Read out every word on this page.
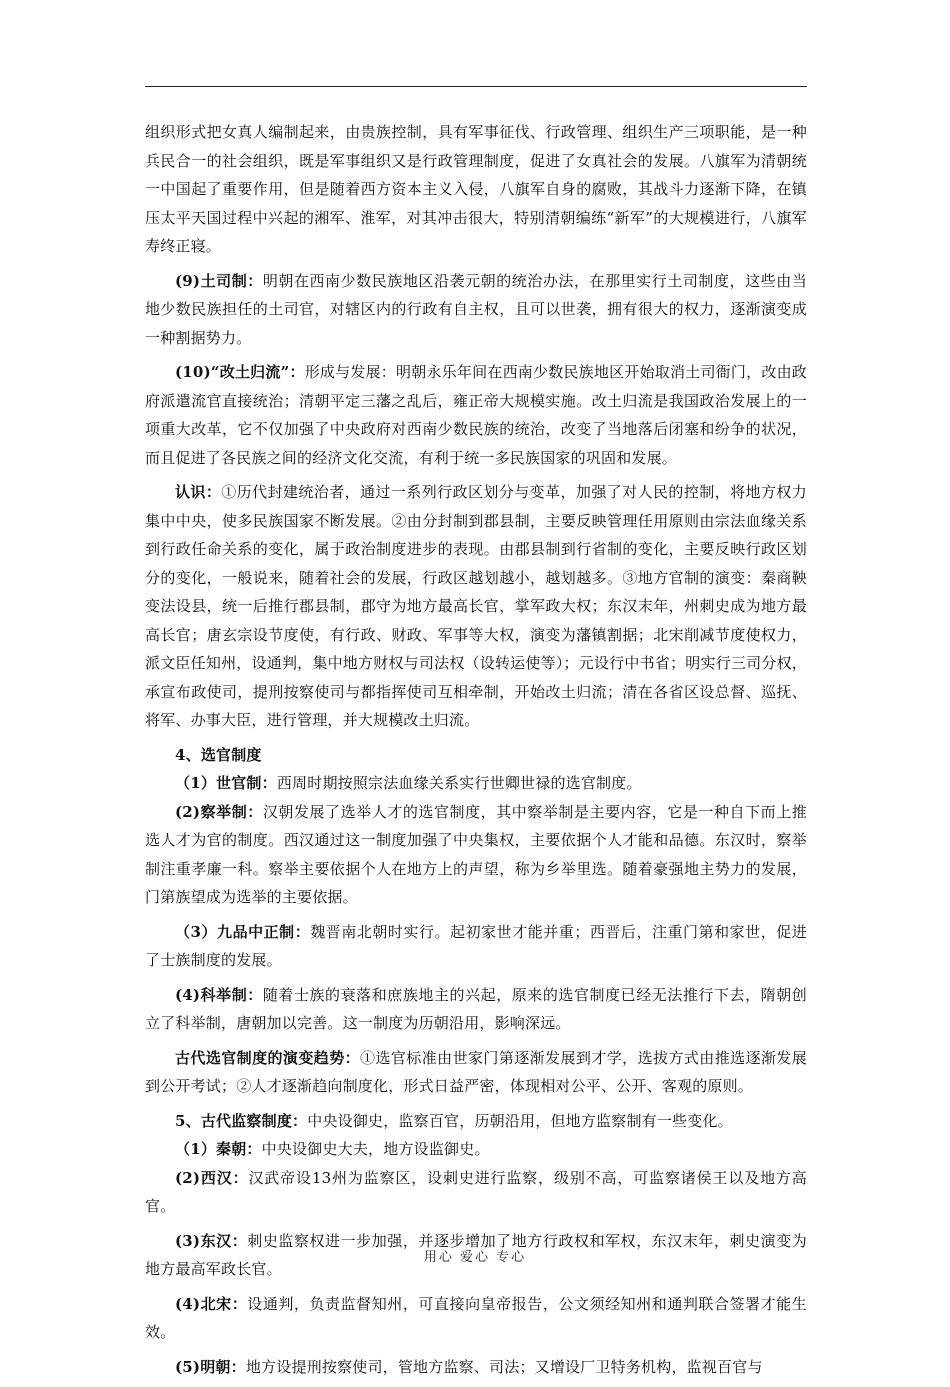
组织形式把女真人编制起来，由贵族控制，具有军事征伐、行政管理、组织生产三项职能，是一种兵民合一的社会组织，既是军事组织又是行政管理制度，促进了女真社会的发展。八旗军为清朝统一中国起了重要作用，但是随着西方资本主义入侵，八旗军自身的腐败，其战斗力逐渐下降，在镇压太平天国过程中兴起的湘军、淮军，对其冲击很大，特别清朝编练“新军”的大规模进行，八旗军寿终正寝。

(9)土司制：明朝在西南少数民族地区沿袭元朝的统治办法，在那里实行土司制度，这些由当地少数民族担任的土司官，对辖区内的行政有自主权，且可以世袭，拥有很大的权力，逐渐演变成一种割据势力。

(10)“改土归流”：形成与发展：明朝永乐年间在西南少数民族地区开始取消土司衙门，改由政府派遣流官直接统治；清朝平定三藩之乱后，雍正帝大规模实施。改土归流是我国政治发展上的一项重大改革，它不仅加强了中央政府对西南少数民族的统治，改变了当地落后闭塞和纷争的状况，而且促进了各民族之间的经济文化交流，有利于统一多民族国家的巩固和发展。

认识：①历代封建统治者，通过一系列行政区划分与变革，加强了对人民的控制，将地方权力集中中央，使多民族国家不断发展。②由分封制到郡县制，主要反映管理任用原则由宗法血缘关系到行政任命关系的变化，属于政治制度进步的表现。由郡县制到行省制的变化，主要反映行政区划分的变化，一般说来，随着社会的发展，行政区越划越小，越划越多。③地方官制的演变：秦商鞅变法设县，统一后推行郡县制，郡守为地方最高长官，掌军政大权；东汉末年，州刺史成为地方最高长官；唐玄宗设节度使，有行政、财政、军事等大权，演变为藩镇割据；北宋削减节度使权力，派文臣任知州，设通判，集中地方财权与司法权（设转运使等）；元设行中书省；明实行三司分权，承宣布政使司，提刑按察使司与都指挥使司互相牵制，开始改土归流；清在各省区设总督、巡抚、将军、办事大臣，进行管理，并大规模改土归流。

4、选官制度

（1）世官制：西周时期按照宗法血缘关系实行世卿世禄的选官制度。

(2)察举制：汉朝发展了选举人才的选官制度，其中察举制是主要内容，它是一种自下而上推选人才为官的制度。西汉通过这一制度加强了中央集权，主要依据个人才能和品德。东汉时，察举制注重孝廉一科。察举主要依据个人在地方上的声望，称为乡举里选。随着豪强地主势力的发展，门第族望成为选举的主要依据。

（3）九品中正制：魏晋南北朝时实行。起初家世才能并重；西晋后，注重门第和家世，促进了士族制度的发展。

(4)科举制：随着士族的衰落和庶族地主的兴起，原来的选官制度已经无法推行下去，隋朝创立了科举制，唐朝加以完善。这一制度为历朝沿用，影响深远。

古代选官制度的演变趋势：①选官标准由世家门第逐渐发展到才学，选拔方式由推选逐渐发展到公开考试；②人才逐渐趋向制度化，形式日益严密，体现相对公平、公开、客观的原则。

5、古代监察制度：中央设御史，监察百官，历朝沿用，但地方监察制有一些变化。

（1）秦朝：中央设御史大夫，地方设监御史。

(2)西汉：汉武帝设13州为监察区，设刺史进行监察，级别不高，可监察诸侯王以及地方高官。

(3)东汉：刺史监察权进一步加强，并逐步增加了地方行政权和军权，东汉末年，刺史演变为地方最高军政长官。

(4)北宋：设通判，负责监督知州，可直接向皇帝报告，公文须经知州和通判联合签署才能生效。

(5)明朝：地方设提刑按察使司，管地方监察、司法；又增设厂卫特务机构，监视百官与

用心 爱心 专心
